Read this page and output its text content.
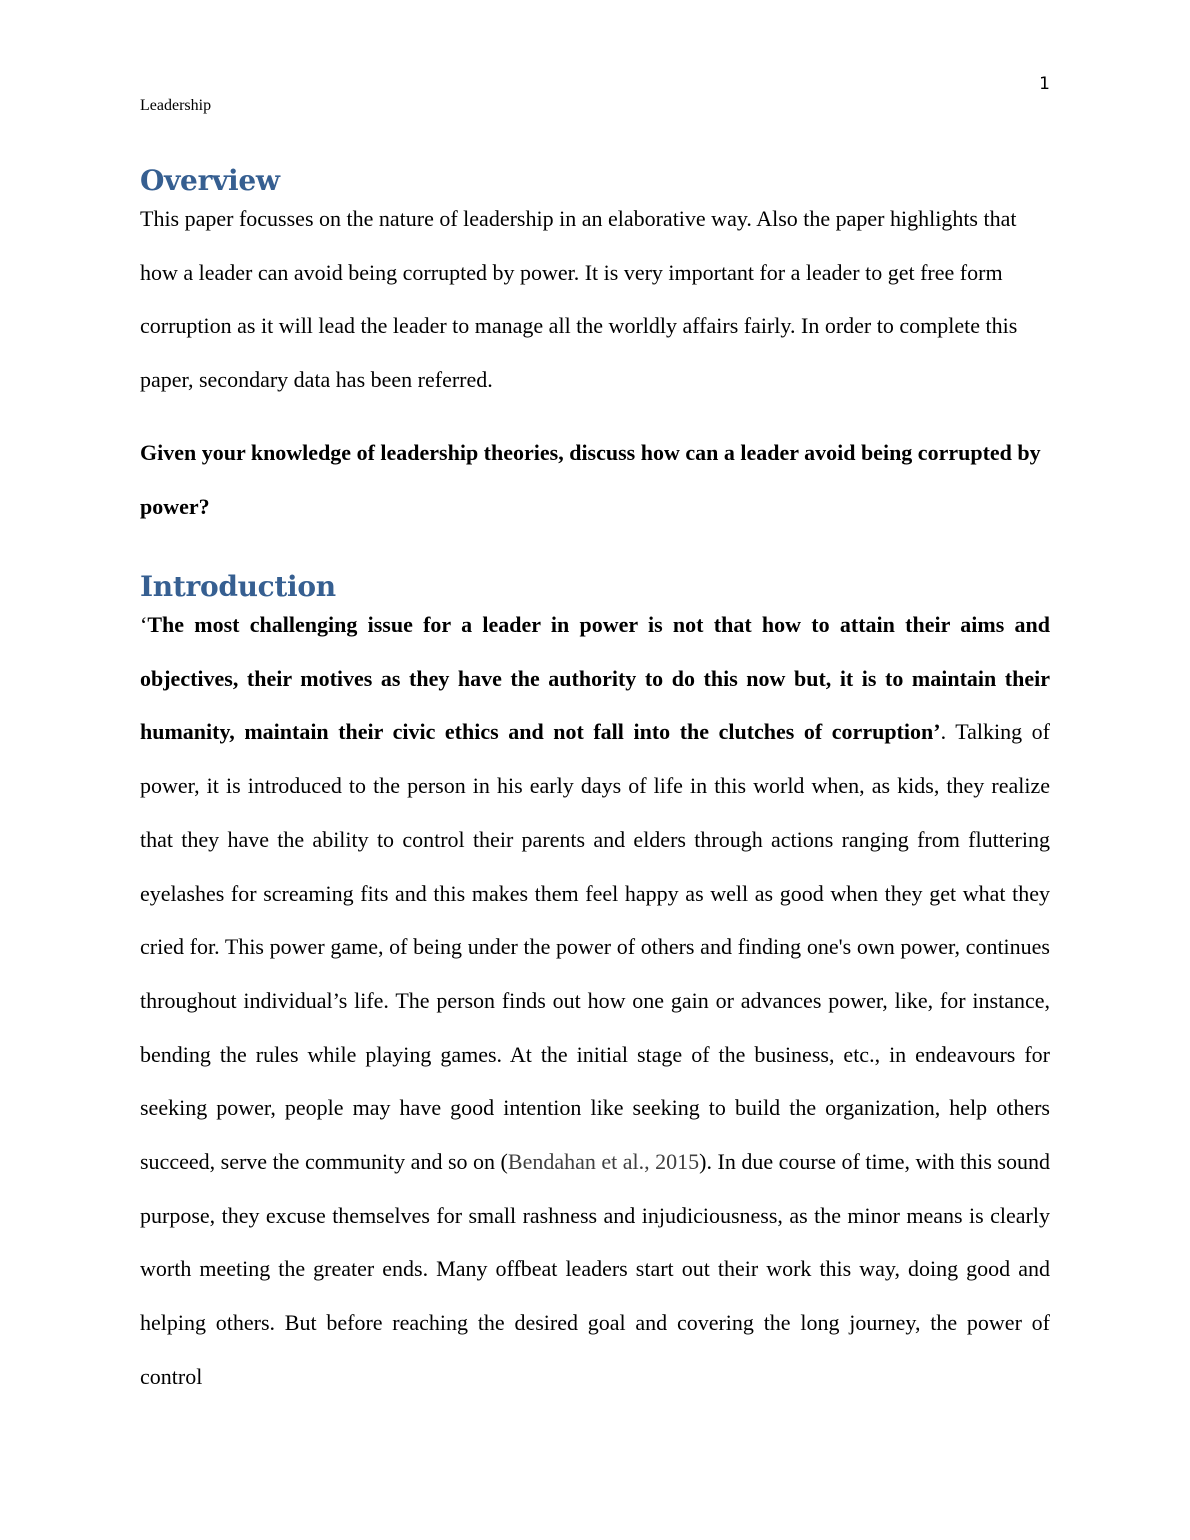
1
Leadership
Overview

This paper focusses on the nature of leadership in an elaborative way. Also the paper highlights that how a leader can avoid being corrupted by power. It is very important for a leader to get free form corruption as it will lead the leader to manage all the worldly affairs fairly. In order to complete this paper, secondary data has been referred.

Given your knowledge of leadership theories, discuss how can a leader avoid being corrupted by power?

Introduction

‘The most challenging issue for a leader in power is not that how to attain their aims and objectives, their motives as they have the authority to do this now but, it is to maintain their humanity, maintain their civic ethics and not fall into the clutches of corruption’. Talking of power, it is introduced to the person in his early days of life in this world when, as kids, they realize that they have the ability to control their parents and elders through actions ranging from fluttering eyelashes for screaming fits and this makes them feel happy as well as good when they get what they cried for. This power game, of being under the power of others and finding one's own power, continues throughout individual’s life. The person finds out how one gain or advances power, like, for instance, bending the rules while playing games. At the initial stage of the business, etc., in endeavours for seeking power, people may have good intention like seeking to build the organization, help others succeed, serve the community and so on (Bendahan et al., 2015). In due course of time, with this sound purpose, they excuse themselves for small rashness and injudiciousness, as the minor means is clearly worth meeting the greater ends. Many offbeat leaders start out their work this way, doing good and helping others. But before reaching the desired goal and covering the long journey, the power of control
